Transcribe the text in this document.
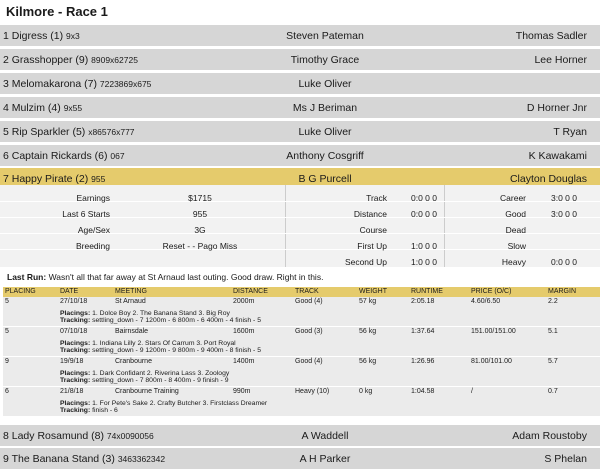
Kilmore - Race 1
1 Digress (1) 9x3	Steven Pateman	Thomas Sadler
2 Grasshopper (9) 8909x62725	Timothy Grace	Lee Horner
3 Melomakarona (7) 7223869x675	Luke Oliver
4 Mulzim (4) 9x55	Ms J Beriman	D Horner Jnr
5 Rip Sparkler (5) x86576x777	Luke Oliver	T Ryan
6 Captain Rickards (6) 067	Anthony Cosgriff	K Kawakami
7 Happy Pirate (2) 955	B G Purcell	Clayton Douglas
Earnings	$1715
Last 6 Starts	955
Age/Sex	3G
Breeding	Reset - - Pago Miss
Track	0:0 0 0
Distance	0:0 0 0
Course
First Up	1:0 0 0
Second Up	1:0 0 0
Career	3:0 0 0
Good	3:0 0 0
Dead
Slow
Heavy	0:0 0 0
Last Run: Wasn't all that far away at St Arnaud last outing. Good draw. Right in this.
PLACING	DATE	MEETING	DISTANCE	TRACK	WEIGHT	RUNTIME	PRICE (O/C)	MARGIN
5	27/10/18	St Arnaud	2000m	Good (4)	57 kg	2:05.18	4.60/6.50	2.2
Placings: 1. Dolce Boy 2. The Banana Stand 3. Big Roy
Tracking: settling_down - 7 1200m - 6 800m - 6 400m - 4 finish - 5
5	07/10/18	Bairnsdale	1600m	Good (3)	56 kg	1:37.64	151.00/151.00	5.1
Placings: 1. Indiana Lilly 2. Stars Of Carrum 3. Port Royal
Tracking: settling_down - 9 1200m - 9 800m - 9 400m - 8 finish - 5
9	19/9/18	Cranbourne	1400m	Good (4)	56 kg	1:26.96	81.00/101.00	5.7
Placings: 1. Dark Confidant 2. Riverina Lass 3. Zoology
Tracking: settling_down - 7 800m - 8 400m - 9 finish - 9
6	21/8/18	Cranbourne Training	990m	Heavy (10)	0 kg	1:04.58	/	0.7
Placings: 1. For Pete's Sake 2. Crafty Butcher 3. Firstclass Dreamer
Tracking: finish - 6
8 Lady Rosamund (8) 74x0090056	A Waddell	Adam Roustoby
9 The Banana Stand (3) 3463362342	A H Parker	S Phelan
